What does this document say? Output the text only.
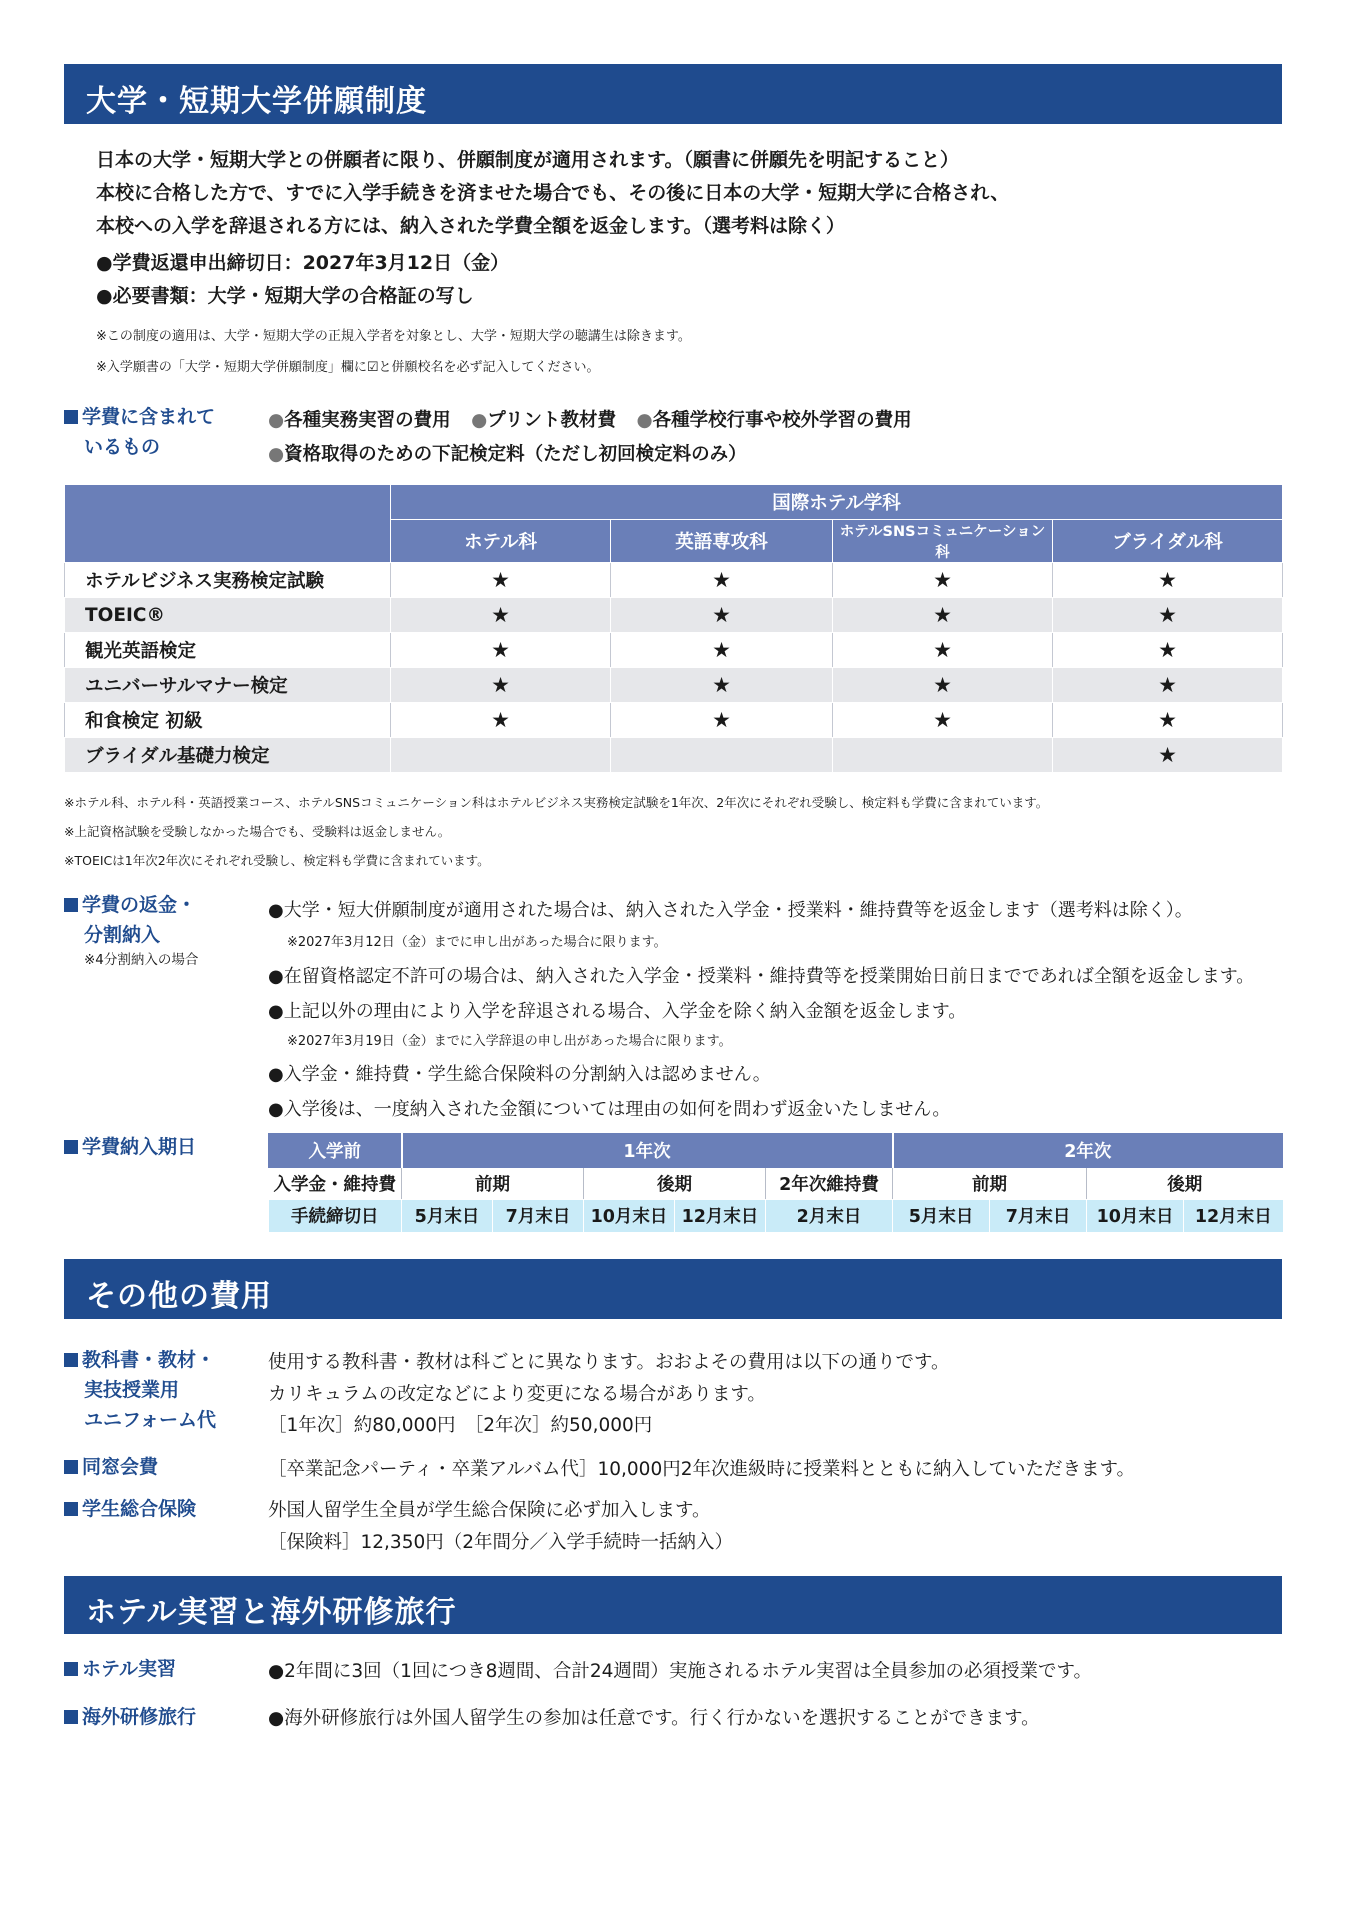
大学・短期大学併願制度
日本の大学・短期大学との併願者に限り、併願制度が適用されます。（願書に併願先を明記すること）
本校に合格した方で、すでに入学手続きを済ませた場合でも、その後に日本の大学・短期大学に合格され、
本校への入学を辞退される方には、納入された学費全額を返金します。（選考料は除く）
●学費返還申出締切日：2027年3月12日（金）
●必要書類：大学・短期大学の合格証の写し
※この制度の適用は、大学・短期大学の正規入学者を対象とし、大学・短期大学の聴講生は除きます。
※入学願書の「大学・短期大学併願制度」欄に☑と併願校名を必ず記入してください。
学費に含まれて
いるもの
●各種実務実習の費用 ●プリント教材費 ●各種学校行事や校外学習の費用
●資格取得のための下記検定料（ただし初回検定料のみ）
	国際ホテル学科			
	ホテル科	英語専攻科	ホテルSNSコミュニケーション科	ブライダル科
ホテルビジネス実務検定試験	★	★	★	★
TOEIC®	★	★	★	★
観光英語検定	★	★	★	★
ユニバーサルマナー検定	★	★	★	★
和食検定 初級	★	★	★	★
ブライダル基礎力検定				★
※ホテル科、ホテル科・英語授業コース、ホテルSNSコミュニケーション科はホテルビジネス実務検定試験を1年次、2年次にそれぞれ受験し、検定料も学費に含まれています。
※上記資格試験を受験しなかった場合でも、受験料は返金しません。
※TOEICは1年次2年次にそれぞれ受験し、検定料も学費に含まれています。
学費の返金・
分割納入
※4分割納入の場合
●大学・短大併願制度が適用された場合は、納入された入学金・授業料・維持費等を返金します（選考料は除く）。
※2027年3月12日（金）までに申し出があった場合に限ります。
●在留資格認定不許可の場合は、納入された入学金・授業料・維持費等を授業開始日前日までであれば全額を返金します。
●上記以外の理由により入学を辞退される場合、入学金を除く納入金額を返金します。
※2027年3月19日（金）までに入学辞退の申し出があった場合に限ります。
●入学金・維持費・学生総合保険料の分割納入は認めません。
●入学後は、一度納入された金額については理由の如何を問わず返金いたしません。
学費納入期日	入学前	1年次					2年次			
入学金・維持費	前期		後期		2年次維持費	前期		後期	
手続締切日	5月末日	7月末日	10月末日	12月末日	2月末日	5月末日	7月末日	10月末日	12月末日
その他の費用
教科書・教材・
実技授業用
ユニフォーム代
使用する教科書・教材は科ごとに異なります。おおよその費用は以下の通りです。
カリキュラムの改定などにより変更になる場合があります。
［1年次］約80,000円　［2年次］約50,000円
同窓会費	［卒業記念パーティ・卒業アルバム代］10,000円2年次進級時に授業料とともに納入していただきます。
学生総合保険	外国人留学生全員が学生総合保険に必ず加入します。
［保険料］12,350円（2年間分／入学手続時一括納入）
ホテル実習と海外研修旅行
ホテル実習	●2年間に3回（1回につき8週間、合計24週間）実施されるホテル実習は全員参加の必須授業です。
海外研修旅行	●海外研修旅行は外国人留学生の参加は任意です。行く行かないを選択することができます。
